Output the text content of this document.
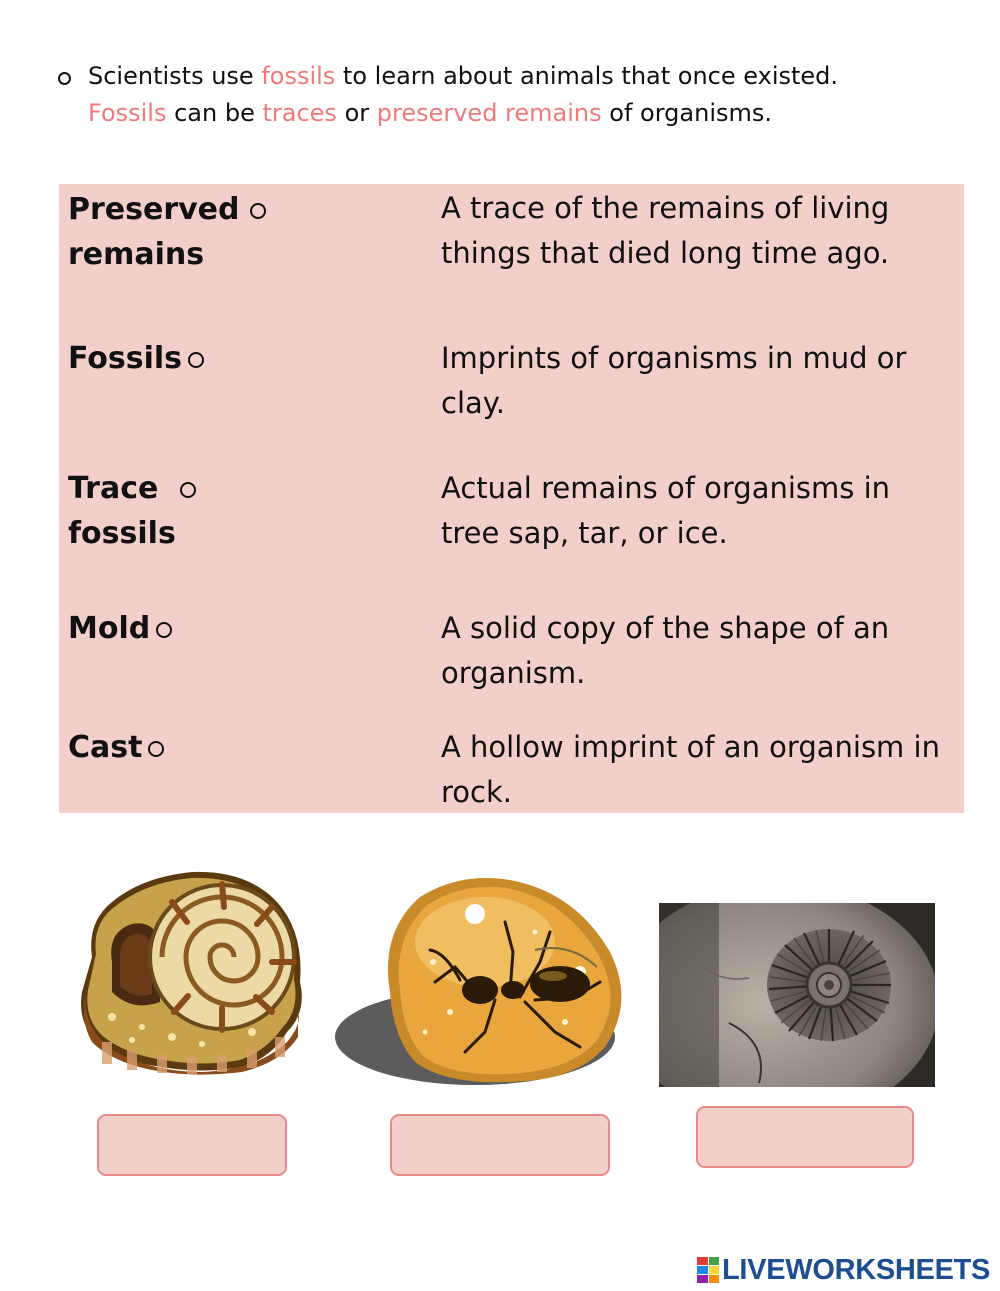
Scientists use fossils to learn about animals that once existed.
Fossils can be traces or preserved remains of organisms.
Preserved
remains
Fossils
Trace
fossils
Mold
Cast
A trace of the remains of living
things that died long time ago.
Imprints of organisms in mud or
clay.
Actual remains of organisms in
tree sap, tar, or ice.
A solid copy of the shape of an
organism.
A hollow imprint of an organism in
rock.
LIVEWORKSHEETS
